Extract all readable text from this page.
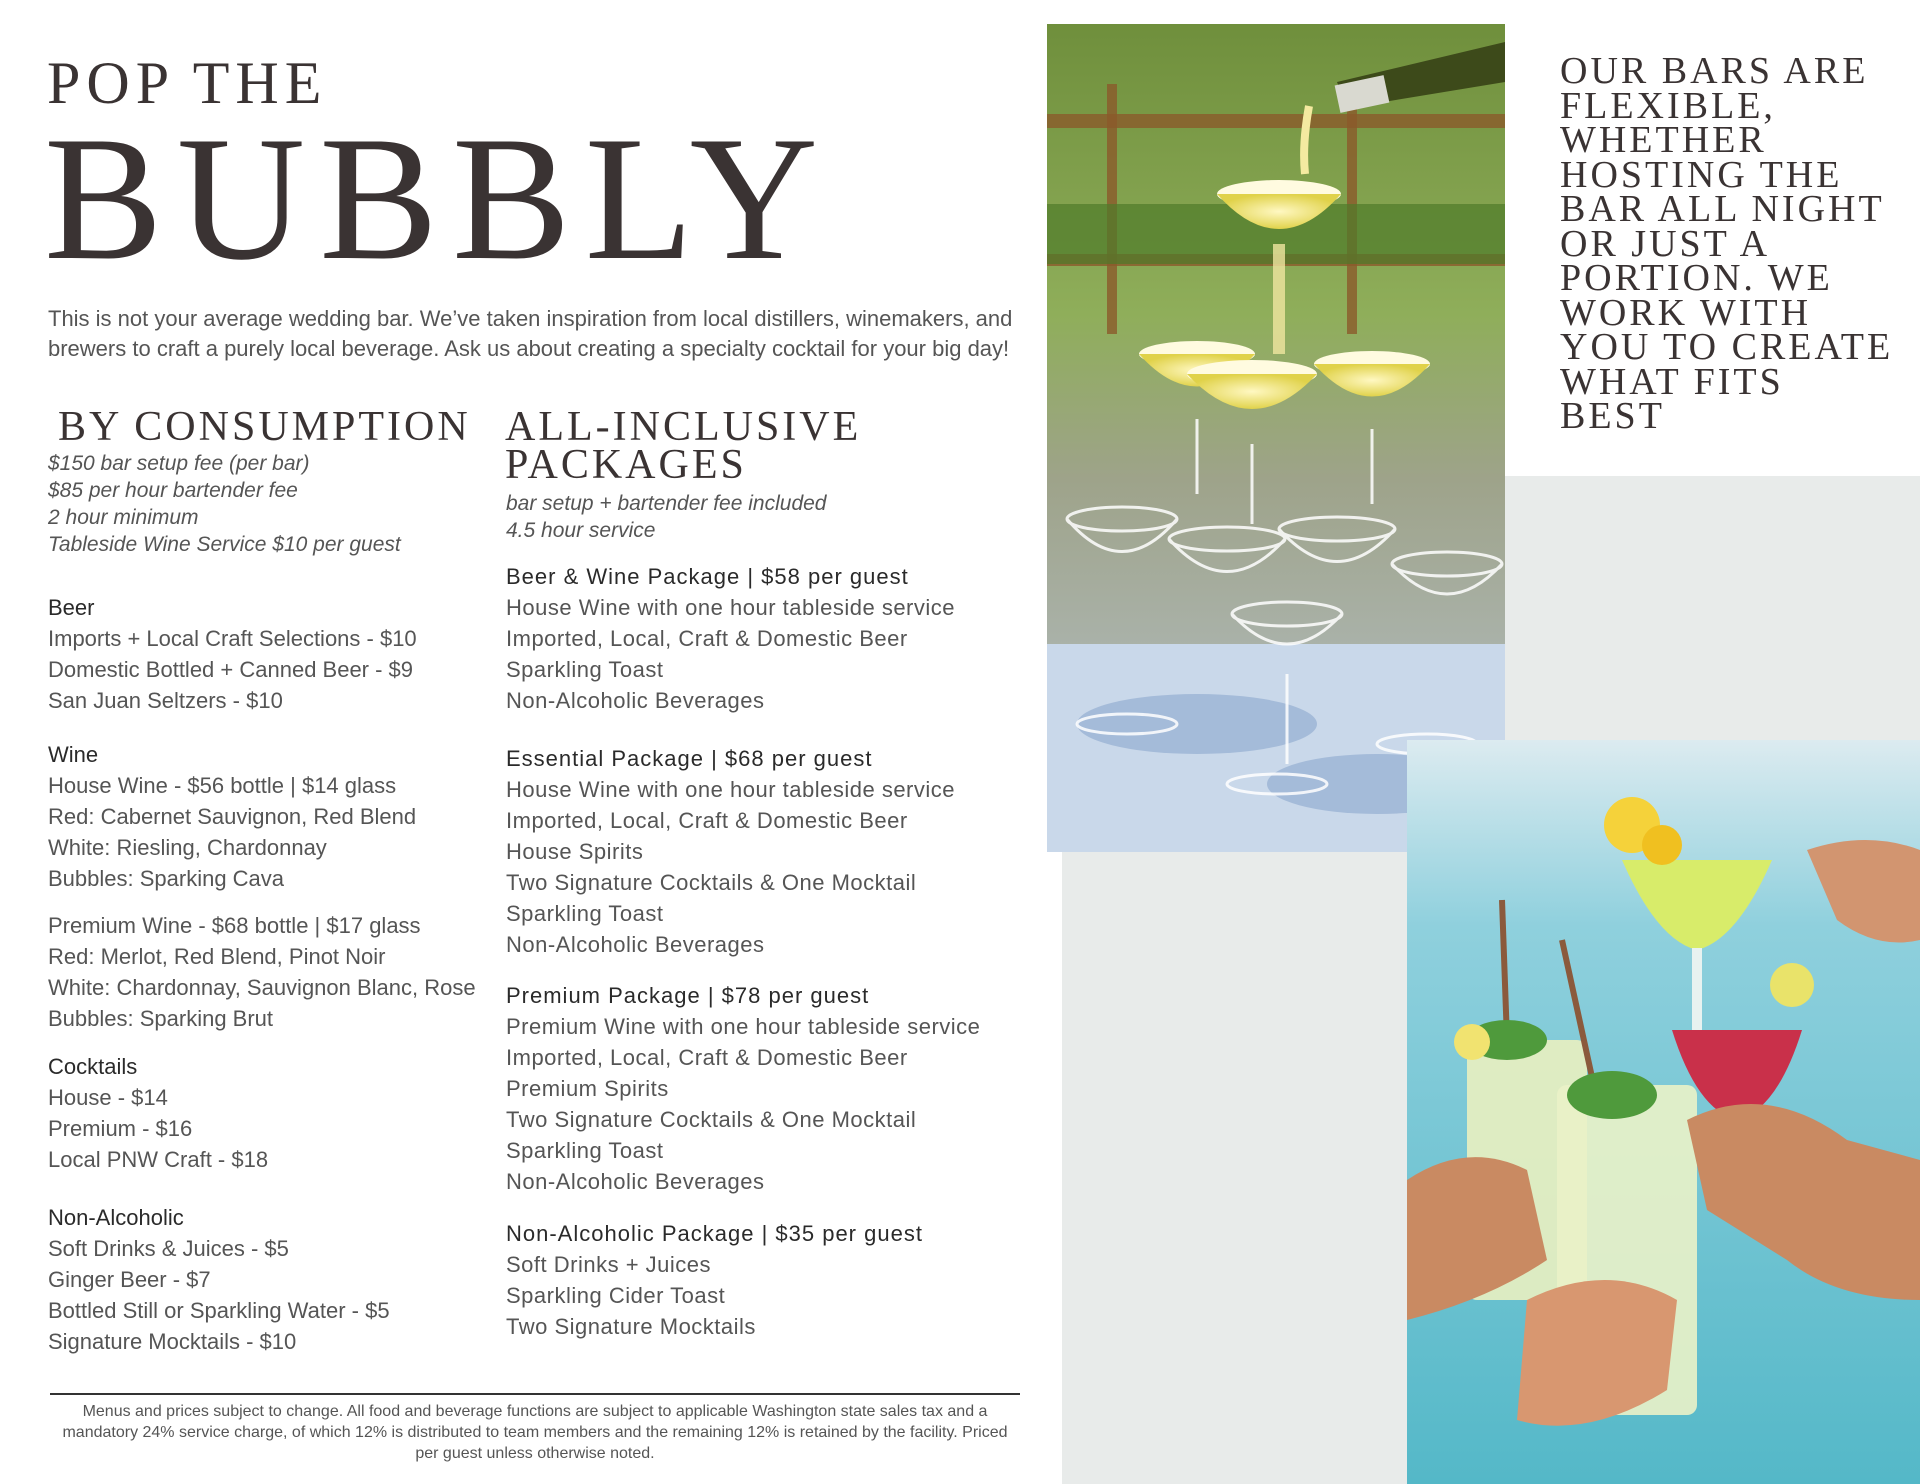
POP THE
BUBBLY
This is not your average wedding bar. We’ve taken inspiration from local distillers, winemakers, and brewers to craft a purely local beverage. Ask us about creating a specialty cocktail for your big day!
BY CONSUMPTION
$150 bar setup fee (per bar)
$85 per hour bartender fee
2 hour minimum
Tableside Wine Service $10 per guest
Beer
Imports + Local Craft Selections - $10
Domestic Bottled + Canned Beer - $9
San Juan Seltzers - $10
Wine
House Wine - $56 bottle | $14 glass
Red: Cabernet Sauvignon, Red Blend
White: Riesling, Chardonnay
Bubbles: Sparking Cava
Premium Wine - $68 bottle | $17 glass
Red: Merlot, Red Blend, Pinot Noir
White: Chardonnay, Sauvignon Blanc, Rose
Bubbles: Sparking Brut
Cocktails
House - $14
Premium - $16
Local PNW Craft - $18
Non-Alcoholic
Soft Drinks & Juices - $5
Ginger Beer - $7
Bottled Still or Sparkling Water - $5
Signature Mocktails - $10
ALL-INCLUSIVE
PACKAGES
bar setup + bartender fee included
4.5 hour service
Beer & Wine Package | $58 per guest
House Wine with one hour tableside service
Imported, Local, Craft & Domestic Beer
Sparkling Toast
Non-Alcoholic Beverages
Essential Package | $68 per guest
House Wine with one hour tableside service
Imported, Local, Craft & Domestic Beer
House Spirits
Two Signature Cocktails & One Mocktail
Sparkling Toast
Non-Alcoholic Beverages
Premium Package | $78 per guest
Premium Wine with one hour tableside service
Imported, Local, Craft & Domestic Beer
Premium Spirits
Two Signature Cocktails & One Mocktail
Sparkling Toast
Non-Alcoholic Beverages
Non-Alcoholic Package | $35 per guest
Soft Drinks + Juices
Sparkling Cider Toast
Two Signature Mocktails
Menus and prices subject to change. All food and beverage functions are subject to applicable Washington state sales tax and a mandatory 24% service charge, of which 12% is distributed to team members and the remaining 12% is retained by the facility. Priced per guest unless otherwise noted.
OUR BARS ARE
FLEXIBLE,
WHETHER
HOSTING THE
BAR ALL NIGHT
OR JUST A
PORTION. WE
WORK WITH
YOU TO CREATE
WHAT FITS BEST
